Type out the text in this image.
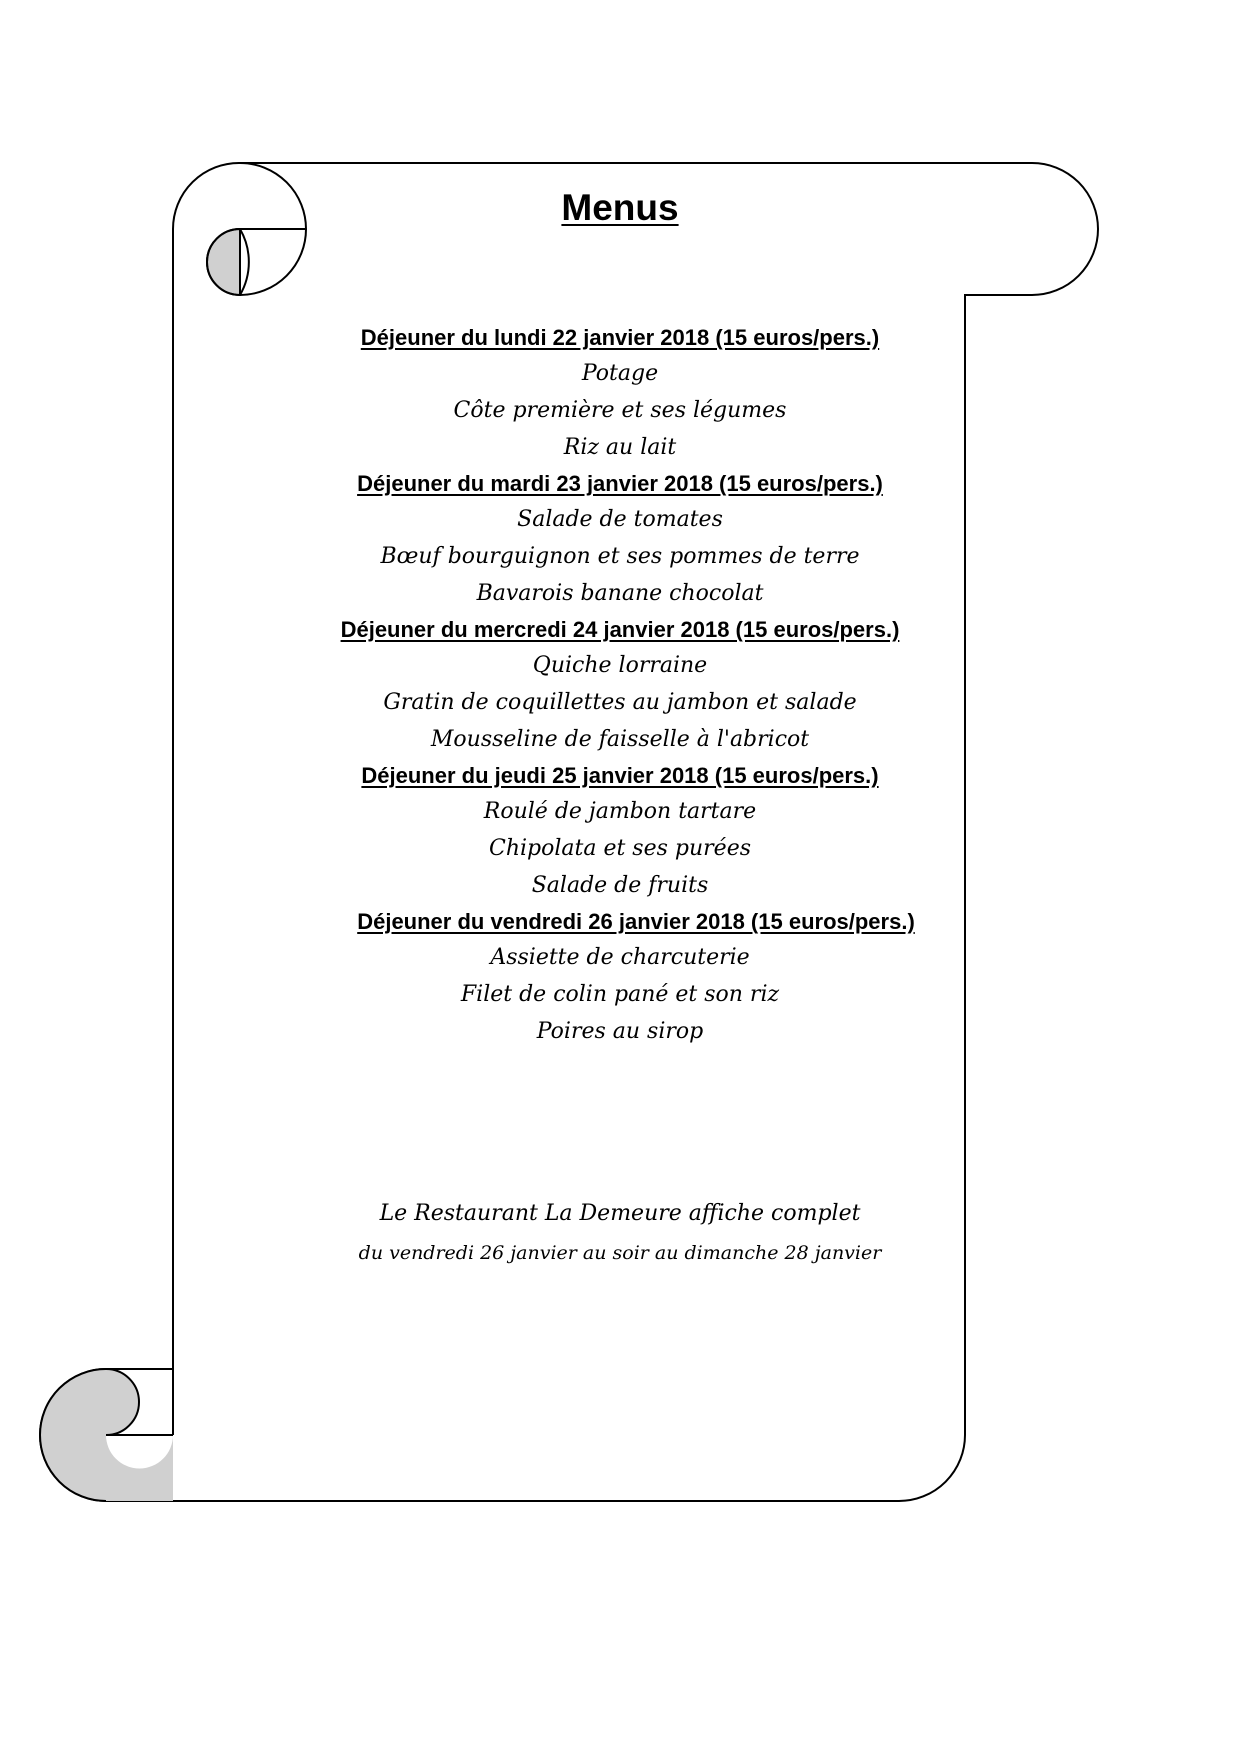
Menus

Déjeuner du lundi 22 janvier 2018 (15 euros/pers.)

Potage

Côte première et ses légumes

Riz au lait

Déjeuner du mardi 23 janvier 2018 (15 euros/pers.)

Salade de tomates

Bœuf bourguignon et ses pommes de terre

Bavarois banane chocolat

Déjeuner du mercredi 24 janvier 2018 (15 euros/pers.)

Quiche lorraine

Gratin de coquillettes au jambon et salade

Mousseline de faisselle à l'abricot

Déjeuner du jeudi 25 janvier 2018 (15 euros/pers.)

Roulé de jambon tartare

Chipolata et ses purées

Salade de fruits

Déjeuner du vendredi 26 janvier 2018 (15 euros/pers.)

Assiette de charcuterie

Filet de colin pané et son riz

Poires au sirop

Le Restaurant La Demeure affiche complet
du vendredi 26 janvier au soir au dimanche 28 janvier
